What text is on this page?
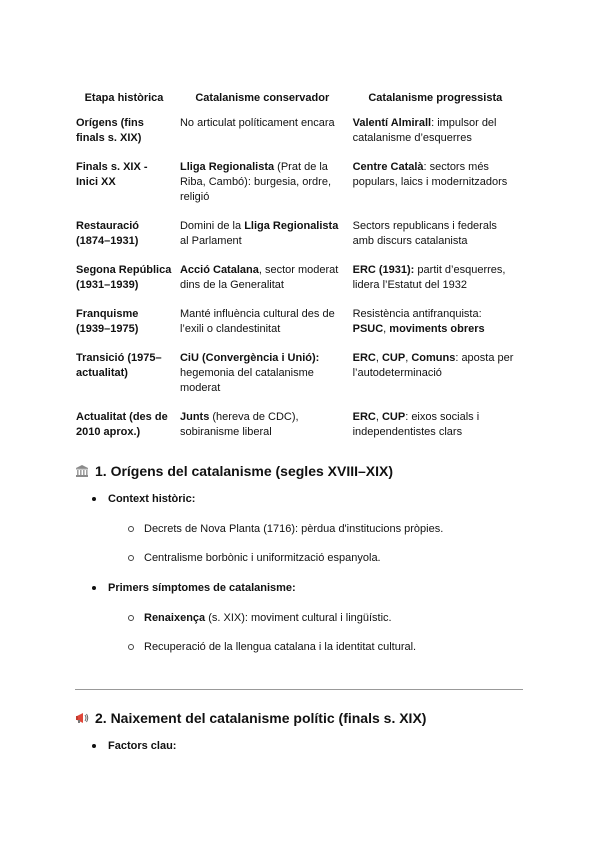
Etapa històrica	Catalanisme conservador	Catalanisme progressista
Orígens (fins finals s. XIX)	No articulat políticament encara	Valentí Almirall: impulsor del catalanisme d’esquerres
Finals s. XIX - Inici XX	Lliga Regionalista (Prat de la Riba, Cambó): burgesia, ordre, religió	Centre Català: sectors més populars, laics i modernitzadors
Restauració (1874–1931)	Domini de la Lliga Regionalista al Parlament	Sectors republicans i federals amb discurs catalanista
Segona República (1931–1939)	Acció Catalana, sector moderat dins de la Generalitat	ERC (1931): partit d’esquerres, lidera l’Estatut del 1932
Franquisme (1939–1975)	Manté influència cultural des de l’exili o clandestinitat	Resistència antifranquista: PSUC, moviments obrers
Transició (1975–actualitat)	CiU (Convergència i Unió): hegemonia del catalanisme moderat	ERC, CUP, Comuns: aposta per l’autodeterminació
Actualitat (des de 2010 aprox.)	Junts (hereva de CDC), sobiranisme liberal	ERC, CUP: eixos socials i independentistes clars
1. Orígens del catalanisme (segles XVIII–XIX)
Context històric:
Decrets de Nova Planta (1716): pèrdua d'institucions pròpies.
Centralisme borbònic i uniformització espanyola.
Primers símptomes de catalanisme:
Renaixença (s. XIX): moviment cultural i lingüístic.
Recuperació de la llengua catalana i la identitat cultural.
2. Naixement del catalanisme polític (finals s. XIX)
Factors clau:
